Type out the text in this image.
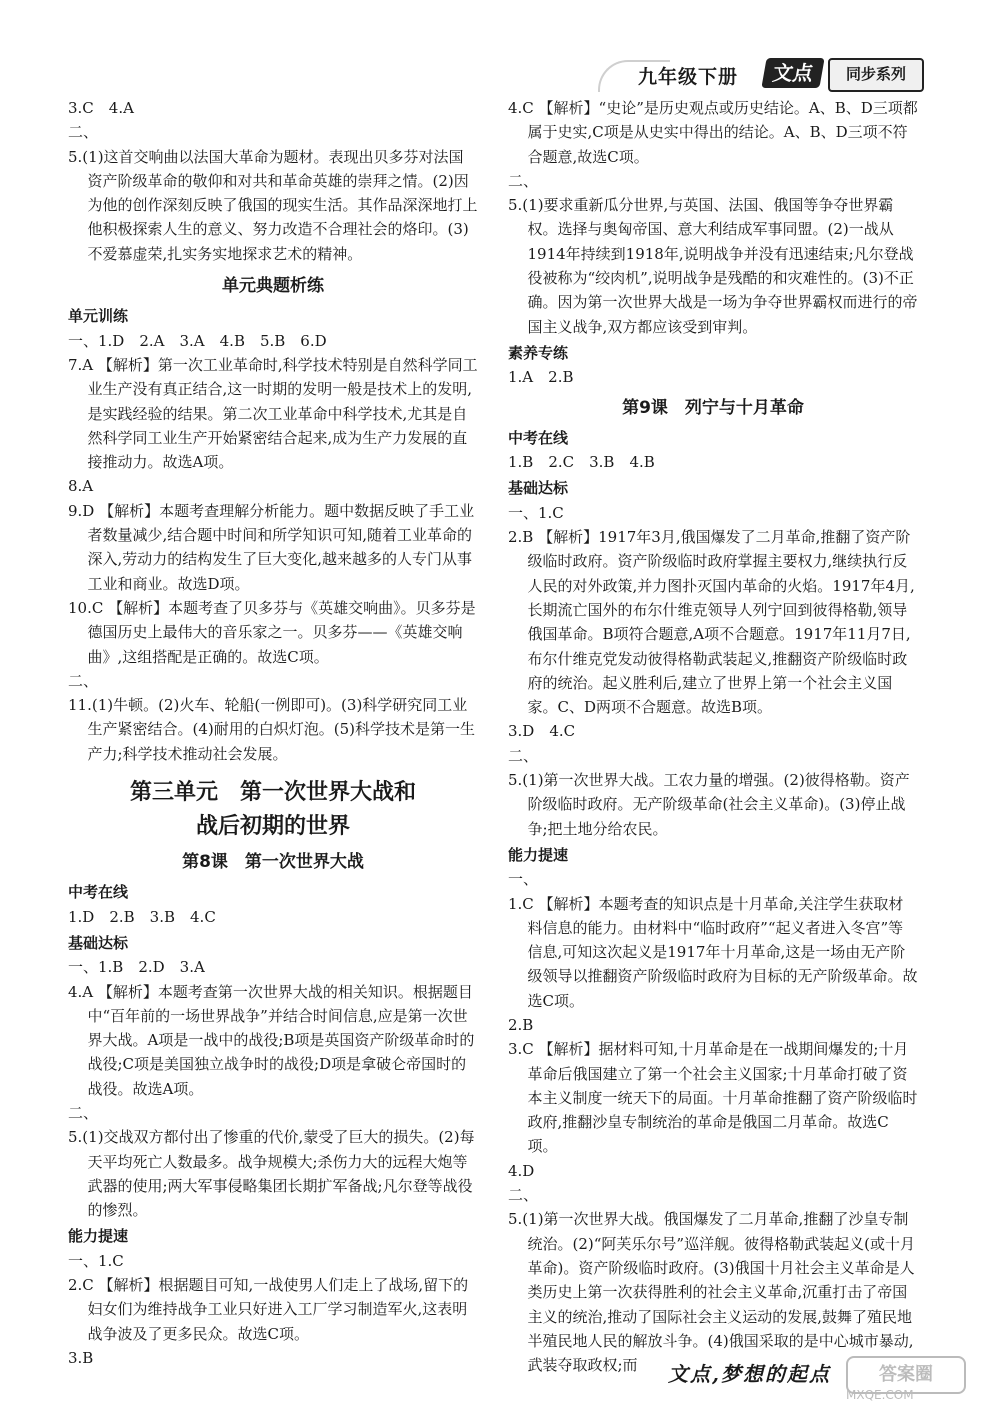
九年级下册	文点	同步系列

3.C　4.A

二、

5.(1)这首交响曲以法国大革命为题材。表现出贝多芬对法国资产阶级革命的敬仰和对共和革命英雄的崇拜之情。(2)因为他的创作深刻反映了俄国的现实生活。其作品深深地打上他积极探索人生的意义、努力改造不合理社会的烙印。(3)不爱慕虚荣,扎实务实地探求艺术的精神。

单元典题析练
单元训练

一、1.D　2.A　3.A　4.B　5.B　6.D

7.A 【解析】第一次工业革命时,科学技术特别是自然科学同工业生产没有真正结合,这一时期的发明一般是技术上的发明,是实践经验的结果。第二次工业革命中科学技术,尤其是自然科学同工业生产开始紧密结合起来,成为生产力发展的直接推动力。故选A项。

8.A

9.D 【解析】本题考查理解分析能力。题中数据反映了手工业者数量减少,结合题中时间和所学知识可知,随着工业革命的深入,劳动力的结构发生了巨大变化,越来越多的人专门从事工业和商业。故选D项。

10.C 【解析】本题考查了贝多芬与《英雄交响曲》。贝多芬是德国历史上最伟大的音乐家之一。贝多芬——《英雄交响曲》,这组搭配是正确的。故选C项。

二、

11.(1)牛顿。(2)火车、轮船(一例即可)。(3)科学研究同工业生产紧密结合。(4)耐用的白炽灯泡。(5)科学技术是第一生产力;科学技术推动社会发展。

第三单元　第一次世界大战和
战后初期的世界
第8课　第一次世界大战
中考在线

1.D　2.B　3.B　4.C

基础达标

一、1.B　2.D　3.A

4.A 【解析】本题考查第一次世界大战的相关知识。根据题目中“百年前的一场世界战争”并结合时间信息,应是第一次世界大战。A项是一战中的战役;B项是英国资产阶级革命时的战役;C项是美国独立战争时的战役;D项是拿破仑帝国时的战役。故选A项。

二、

5.(1)交战双方都付出了惨重的代价,蒙受了巨大的损失。(2)每天平均死亡人数最多。战争规模大;杀伤力大的远程大炮等武器的使用;两大军事侵略集团长期扩军备战;凡尔登等战役的惨烈。

能力提速

一、1.C

2.C 【解析】根据题目可知,一战使男人们走上了战场,留下的妇女们为维持战争工业只好进入工厂学习制造军火,这表明战争波及了更多民众。故选C项。

3.B

4.C 【解析】“史论”是历史观点或历史结论。A、B、D三项都属于史实,C项是从史实中得出的结论。A、B、D三项不符合题意,故选C项。

二、

5.(1)要求重新瓜分世界,与英国、法国、俄国等争夺世界霸权。选择与奥匈帝国、意大利结成军事同盟。(2)一战从1914年持续到1918年,说明战争并没有迅速结束;凡尔登战役被称为“绞肉机”,说明战争是残酷的和灾难性的。(3)不正确。因为第一次世界大战是一场为争夺世界霸权而进行的帝国主义战争,双方都应该受到审判。

素养专练

1.A　2.B

第9课　列宁与十月革命
中考在线

1.B　2.C　3.B　4.B

基础达标

一、1.C

2.B 【解析】1917年3月,俄国爆发了二月革命,推翻了资产阶级临时政府。资产阶级临时政府掌握主要权力,继续执行反人民的对外政策,并力图扑灭国内革命的火焰。1917年4月,长期流亡国外的布尔什维克领导人列宁回到彼得格勒,领导俄国革命。B项符合题意,A项不合题意。1917年11月7日,布尔什维克党发动彼得格勒武装起义,推翻资产阶级临时政府的统治。起义胜利后,建立了世界上第一个社会主义国家。C、D两项不合题意。故选B项。

3.D　4.C

二、

5.(1)第一次世界大战。工农力量的增强。(2)彼得格勒。资产阶级临时政府。无产阶级革命(社会主义革命)。(3)停止战争;把土地分给农民。

能力提速

一、

1.C 【解析】本题考查的知识点是十月革命,关注学生获取材料信息的能力。由材料中“临时政府”“起义者进入冬宫”等信息,可知这次起义是1917年十月革命,这是一场由无产阶级领导以推翻资产阶级临时政府为目标的无产阶级革命。故选C项。

2.B

3.C 【解析】据材料可知,十月革命是在一战期间爆发的;十月革命后俄国建立了第一个社会主义国家;十月革命打破了资本主义制度一统天下的局面。十月革命推翻了资产阶级临时政府,推翻沙皇专制统治的革命是俄国二月革命。故选C项。

4.D

二、

5.(1)第一次世界大战。俄国爆发了二月革命,推翻了沙皇专制统治。(2)“阿芙乐尔号”巡洋舰。彼得格勒武装起义(或十月革命)。资产阶级临时政府。(3)俄国十月社会主义革命是人类历史上第一次获得胜利的社会主义革命,沉重打击了帝国主义的统治,推动了国际社会主义运动的发展,鼓舞了殖民地半殖民地人民的解放斗争。(4)俄国采取的是中心城市暴动,武装夺取政权;而	文点,梦想的起点	答案圈
MXQE.COM
